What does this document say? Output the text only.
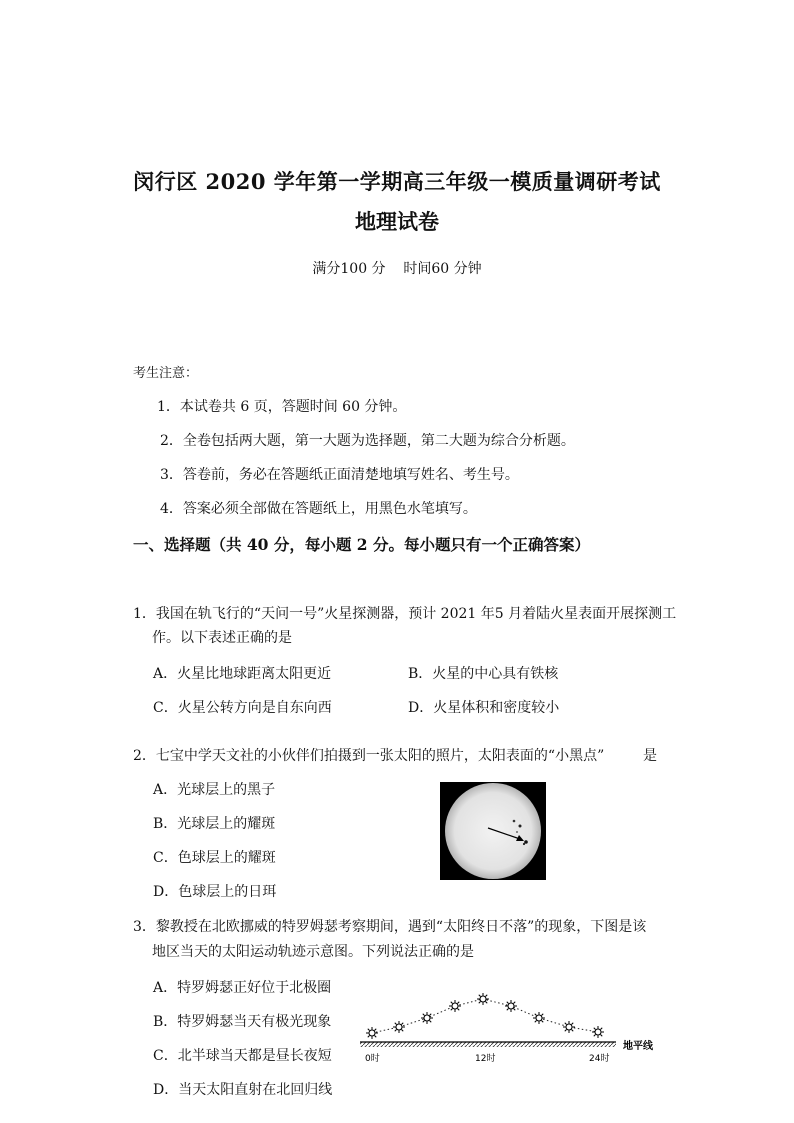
闵行区 2020 学年第一学期高三年级一模质量调研考试
地理试卷
满分100 分    时间60 分钟
考生注意：
1．本试卷共 6 页，答题时间 60 分钟。
2．全卷包括两大题，第一大题为选择题，第二大题为综合分析题。
3．答卷前，务必在答题纸正面清楚地填写姓名、考生号。
4．答案必须全部做在答题纸上，用黑色水笔填写。
一、选择题（共 40 分，每小题 2 分。每小题只有一个正确答案）
1．我国在轨飞行的“天问一号”火星探测器，预计 2021 年5 月着陆火星表面开展探测工
作。以下表述正确的是
A．火星比地球距离太阳更近	B．火星的中心具有铁核
C．火星公转方向是自东向西	D．火星体积和密度较小
2．七宝中学天文社的小伙伴们拍摄到一张太阳的照片，太阳表面的“小黑点”	是
A．光球层上的黑子
B．光球层上的耀斑
C．色球层上的耀斑
D．色球层上的日珥
3．黎教授在北欧挪威的特罗姆瑟考察期间，遇到“太阳终日不落”的现象，下图是该
地区当天的太阳运动轨迹示意图。下列说法正确的是
A．特罗姆瑟正好位于北极圈
B．特罗姆瑟当天有极光现象
C．北半球当天都是昼长夜短
D．当天太阳直射在北回归线
0时	12时	24时
地平线
